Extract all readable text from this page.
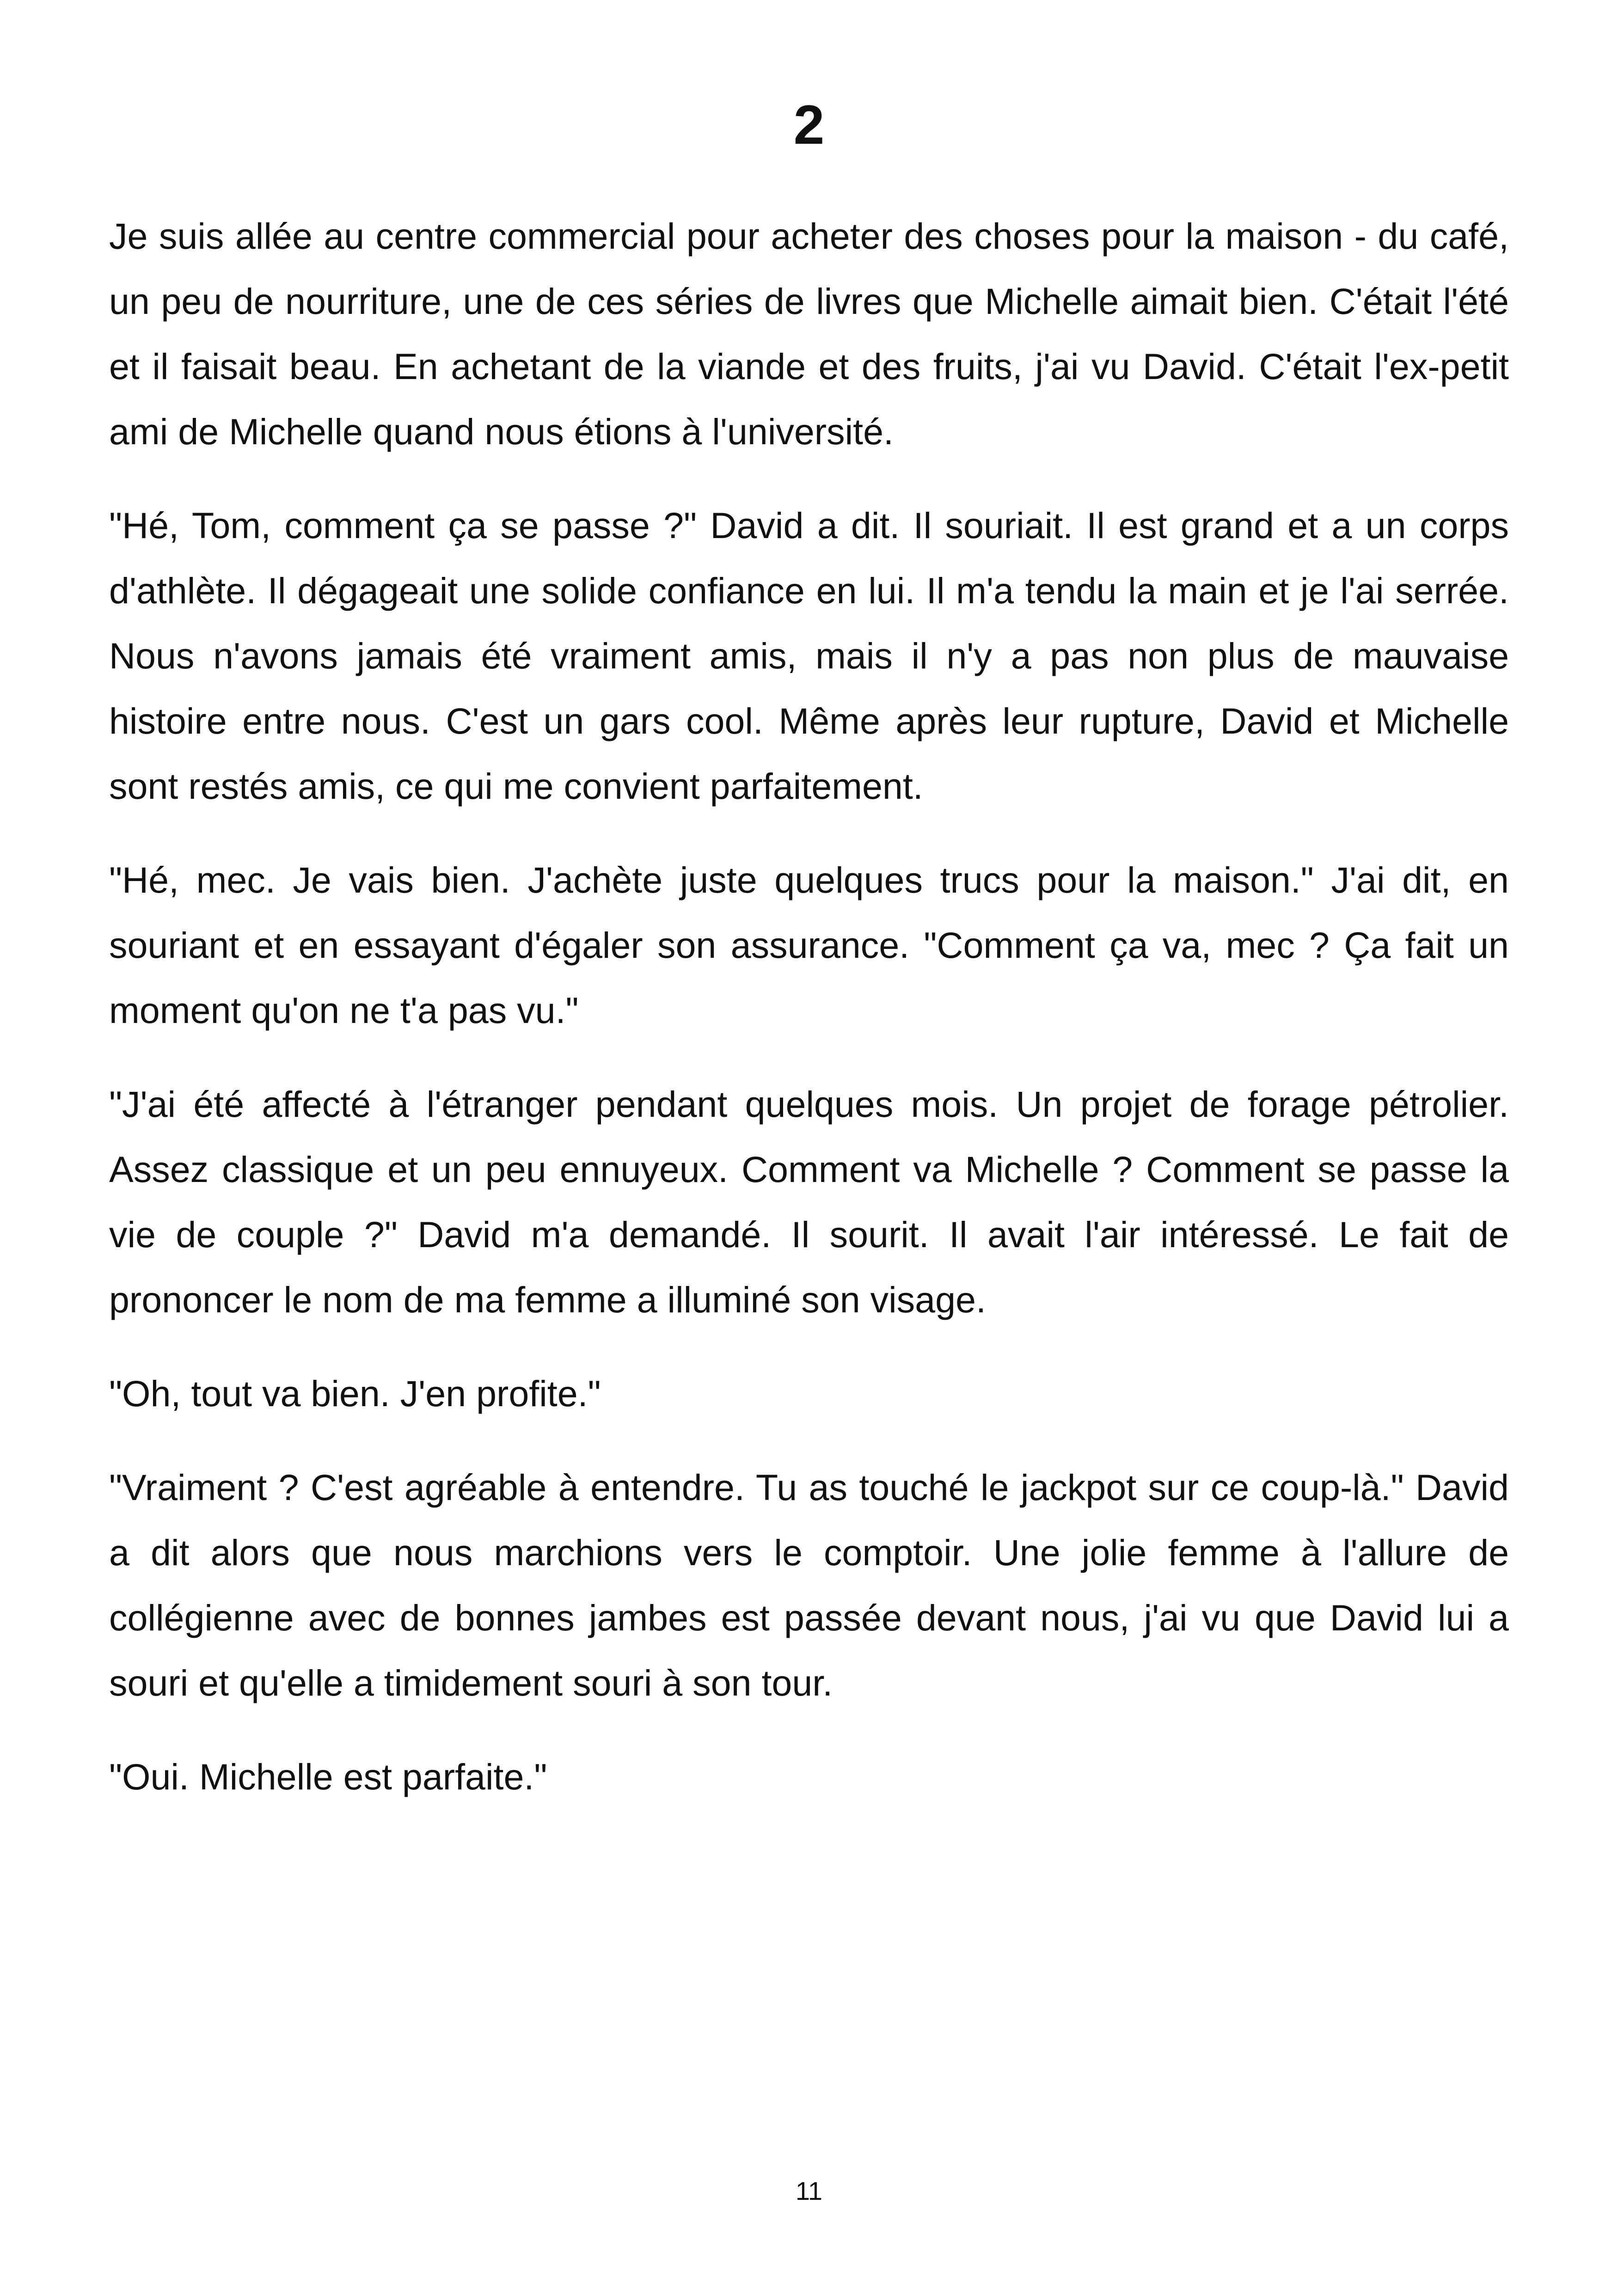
2

Je suis allée au centre commercial pour acheter des choses pour la maison - du café, un peu de nourriture, une de ces séries de livres que Michelle aimait bien. C'était l'été et il faisait beau. En achetant de la viande et des fruits, j'ai vu David. C'était l'ex-petit ami de Michelle quand nous étions à l'université.

"Hé, Tom, comment ça se passe ?" David a dit. Il souriait. Il est grand et a un corps d'athlète. Il dégageait une solide confiance en lui. Il m'a tendu la main et je l'ai serrée. Nous n'avons jamais été vraiment amis, mais il n'y a pas non plus de mauvaise histoire entre nous. C'est un gars cool. Même après leur rupture, David et Michelle sont restés amis, ce qui me convient parfaitement.

"Hé, mec. Je vais bien. J'achète juste quelques trucs pour la maison." J'ai dit, en souriant et en essayant d'égaler son assurance. "Comment ça va, mec ? Ça fait un moment qu'on ne t'a pas vu."

"J'ai été affecté à l'étranger pendant quelques mois. Un projet de forage pétrolier. Assez classique et un peu ennuyeux. Comment va Michelle ? Comment se passe la vie de couple ?" David m'a demandé. Il sourit. Il avait l'air intéressé. Le fait de prononcer le nom de ma femme a illuminé son visage.

"Oh, tout va bien. J'en profite."

"Vraiment ? C'est agréable à entendre. Tu as touché le jackpot sur ce coup-là." David a dit alors que nous marchions vers le comptoir. Une jolie femme à l'allure de collégienne avec de bonnes jambes est passée devant nous, j'ai vu que David lui a souri et qu'elle a timidement souri à son tour.

"Oui. Michelle est parfaite."

11
